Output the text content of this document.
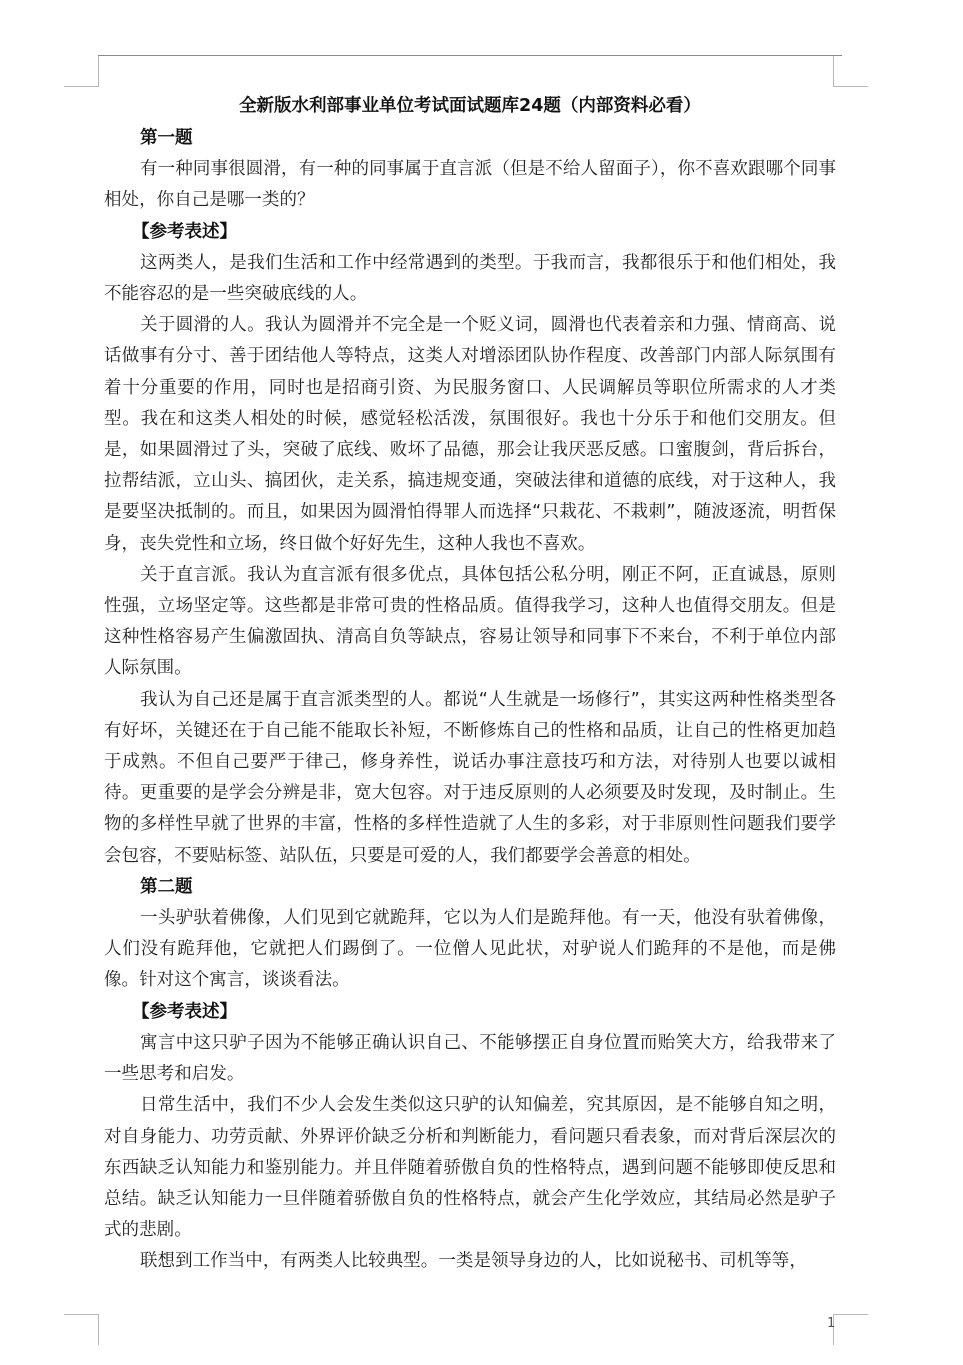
全新版水利部事业单位考试面试题库24题（内部资料必看）

第一题

有一种同事很圆滑，有一种的同事属于直言派（但是不给人留面子），你不喜欢跟哪个同事相处，你自己是哪一类的？

【参考表述】

这两类人，是我们生活和工作中经常遇到的类型。于我而言，我都很乐于和他们相处，我不能容忍的是一些突破底线的人。

关于圆滑的人。我认为圆滑并不完全是一个贬义词，圆滑也代表着亲和力强、情商高、说话做事有分寸、善于团结他人等特点，这类人对增添团队协作程度、改善部门内部人际氛围有着十分重要的作用，同时也是招商引资、为民服务窗口、人民调解员等职位所需求的人才类型。我在和这类人相处的时候，感觉轻松活泼，氛围很好。我也十分乐于和他们交朋友。但是，如果圆滑过了头，突破了底线、败坏了品德，那会让我厌恶反感。口蜜腹剑，背后拆台，拉帮结派，立山头、搞团伙，走关系，搞违规变通，突破法律和道德的底线，对于这种人，我是要坚决抵制的。而且，如果因为圆滑怕得罪人而选择“只栽花、不栽刺”，随波逐流，明哲保身，丧失党性和立场，终日做个好好先生，这种人我也不喜欢。

关于直言派。我认为直言派有很多优点，具体包括公私分明，刚正不阿，正直诚恳，原则性强，立场坚定等。这些都是非常可贵的性格品质。值得我学习，这种人也值得交朋友。但是这种性格容易产生偏激固执、清高自负等缺点，容易让领导和同事下不来台，不利于单位内部人际氛围。

我认为自己还是属于直言派类型的人。都说“人生就是一场修行”，其实这两种性格类型各有好坏，关键还在于自己能不能取长补短，不断修炼自己的性格和品质，让自己的性格更加趋于成熟。不但自己要严于律己，修身养性，说话办事注意技巧和方法，对待别人也要以诚相待。更重要的是学会分辨是非，宽大包容。对于违反原则的人必须要及时发现，及时制止。生物的多样性早就了世界的丰富，性格的多样性造就了人生的多彩，对于非原则性问题我们要学会包容，不要贴标签、站队伍，只要是可爱的人，我们都要学会善意的相处。

第二题

一头驴驮着佛像，人们见到它就跪拜，它以为人们是跪拜他。有一天，他没有驮着佛像，人们没有跪拜他，它就把人们踢倒了。一位僧人见此状，对驴说人们跪拜的不是他，而是佛像。针对这个寓言，谈谈看法。

【参考表述】

寓言中这只驴子因为不能够正确认识自己、不能够摆正自身位置而贻笑大方，给我带来了一些思考和启发。

日常生活中，我们不少人会发生类似这只驴的认知偏差，究其原因，是不能够自知之明，对自身能力、功劳贡献、外界评价缺乏分析和判断能力，看问题只看表象，而对背后深层次的东西缺乏认知能力和鉴别能力。并且伴随着骄傲自负的性格特点，遇到问题不能够即使反思和总结。缺乏认知能力一旦伴随着骄傲自负的性格特点，就会产生化学效应，其结局必然是驴子式的悲剧。

联想到工作当中，有两类人比较典型。一类是领导身边的人，比如说秘书、司机等等，

1
